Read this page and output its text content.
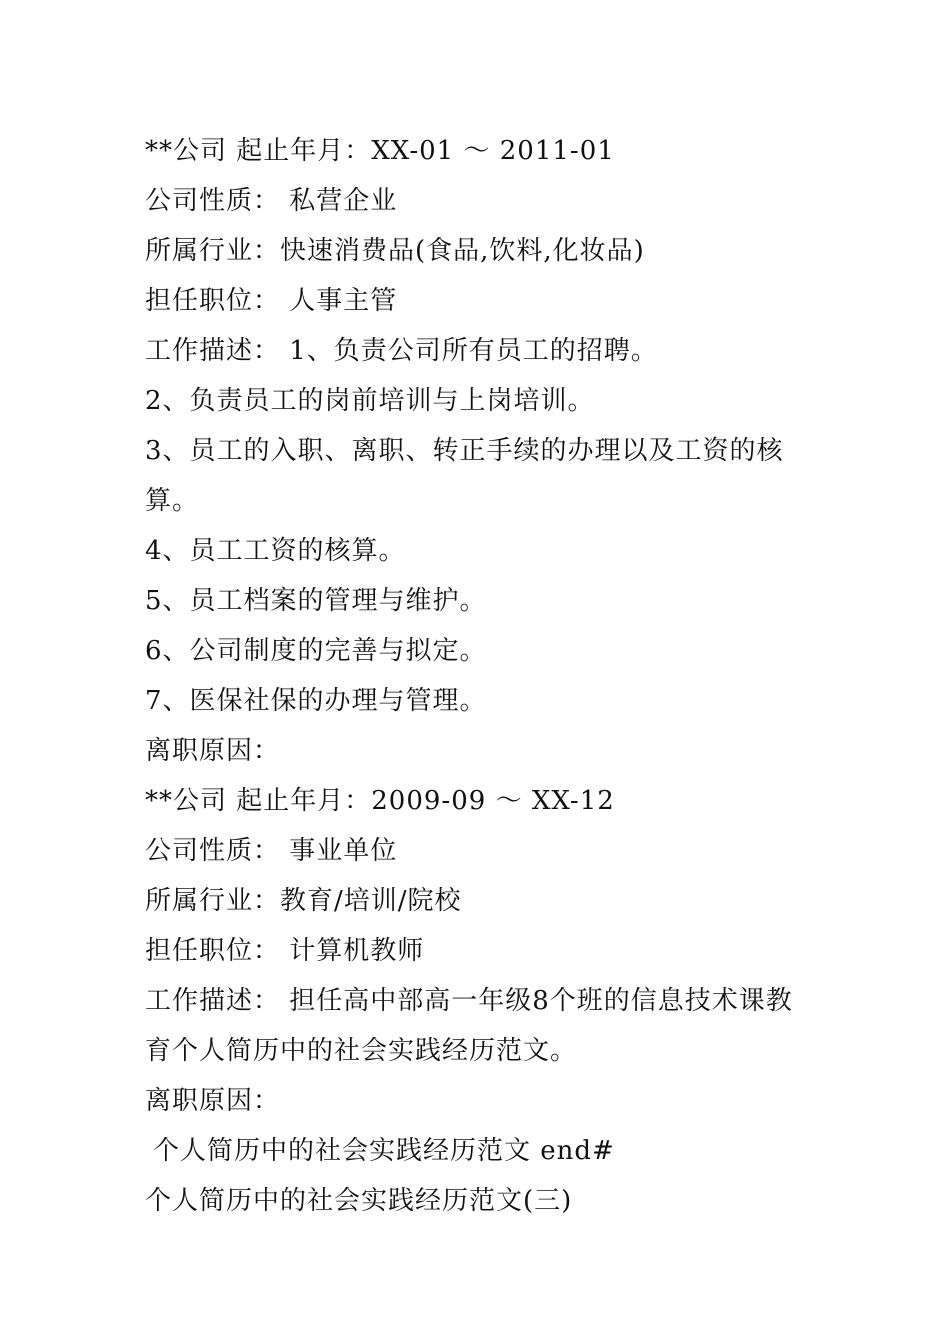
**公司 起止年月：XX-01 ～ 2011-01
公司性质： 私营企业
所属行业：快速消费品(食品,饮料,化妆品)
担任职位： 人事主管
工作描述： 1、负责公司所有员工的招聘。
2、负责员工的岗前培训与上岗培训。
3、员工的入职、离职、转正手续的办理以及工资的核算。
4、员工工资的核算。
5、员工档案的管理与维护。
6、公司制度的完善与拟定。
7、医保社保的办理与管理。
离职原因：
**公司 起止年月：2009-09 ～ XX-12
公司性质： 事业单位
所属行业：教育/培训/院校
担任职位： 计算机教师
工作描述： 担任高中部高一年级8个班的信息技术课教育个人简历中的社会实践经历范文。
离职原因：
个人简历中的社会实践经历范文 end#
个人简历中的社会实践经历范文(三)
